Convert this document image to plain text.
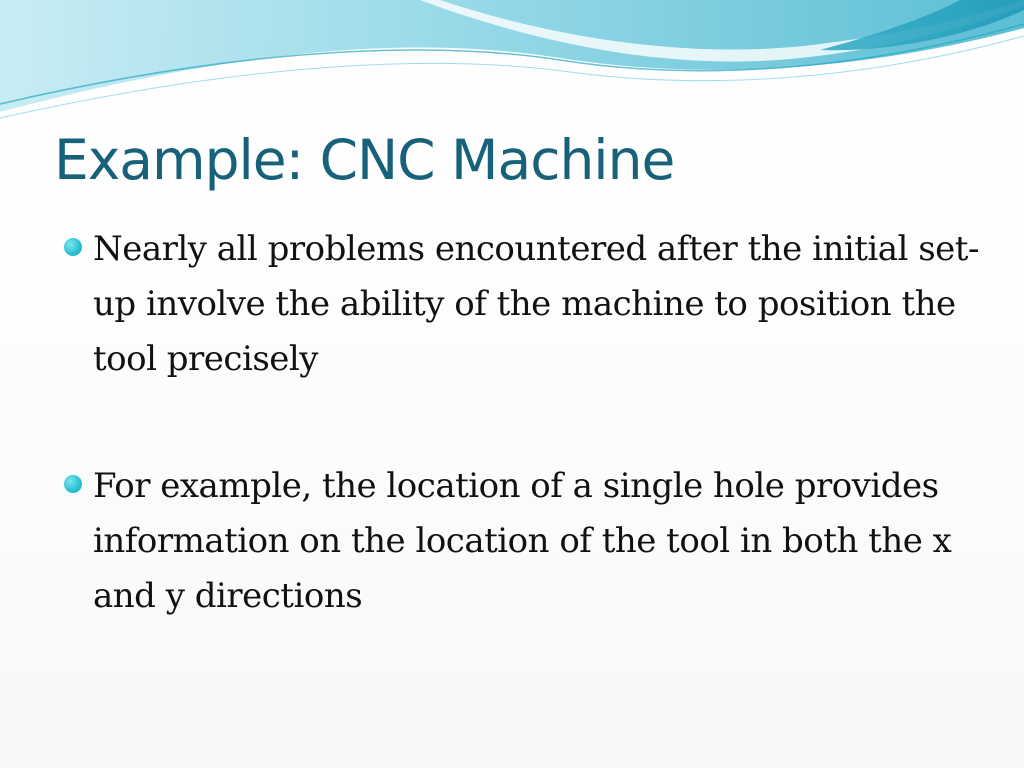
Example: CNC Machine
Nearly all problems encountered after the initial set-up involve the ability of the machine to position the tool precisely
For example, the location of a single hole provides information on the location of the tool in both the x and y directions
